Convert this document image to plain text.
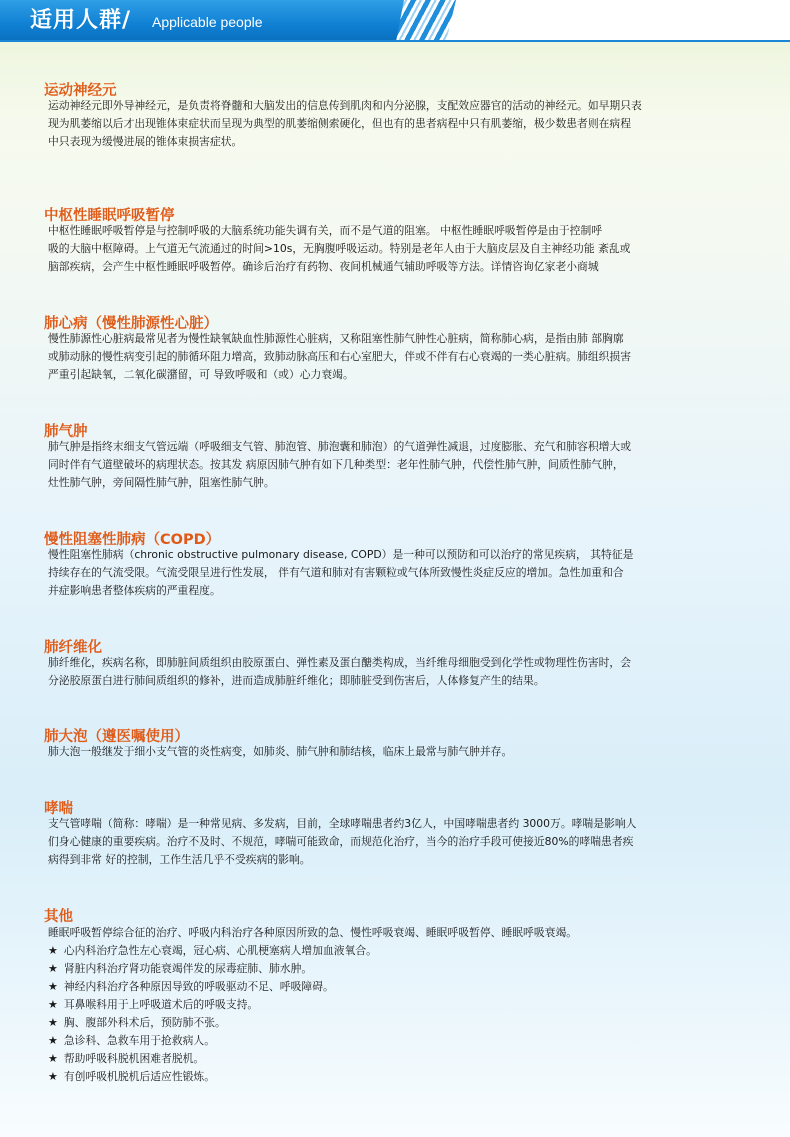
适用人群/ Applicable people
运动神经元

运动神经元即外导神经元，是负责将脊髓和大脑发出的信息传到肌肉和内分泌腺，支配效应器官的活动的神经元。如早期只表

现为肌萎缩以后才出现锥体束症状而呈现为典型的肌萎缩侧索硬化，但也有的患者病程中只有肌萎缩，极少数患者则在病程

中只表现为缓慢进展的锥体束损害症状。

中枢性睡眠呼吸暂停

中枢性睡眠呼吸暂停是与控制呼吸的大脑系统功能失调有关，而不是气道的阻塞。 中枢性睡眠呼吸暂停是由于控制呼

吸的大脑中枢障碍。上气道无气流通过的时间>10s，无胸腹呼吸运动。特别是老年人由于大脑皮层及自主神经功能 紊乱或

脑部疾病，会产生中枢性睡眠呼吸暂停。确诊后治疗有药物、夜间机械通气辅助呼吸等方法。详情咨询亿家老小商城

肺心病（慢性肺源性心脏）

慢性肺源性心脏病最常见者为慢性缺氧缺血性肺源性心脏病，又称阻塞性肺气肿性心脏病，简称肺心病，是指由肺 部胸廓

或肺动脉的慢性病变引起的肺循环阻力增高，致肺动脉高压和右心室肥大，伴或不伴有右心衰竭的一类心脏病。肺组织损害

严重引起缺氧，二氧化碳潴留，可 导致呼吸和（或）心力衰竭。

肺气肿

肺气肿是指终末细支气管远端（呼吸细支气管、肺泡管、肺泡囊和肺泡）的气道弹性减退，过度膨胀、充气和肺容积增大或

同时伴有气道壁破坏的病理状态。按其发 病原因肺气肿有如下几种类型：老年性肺气肿，代偿性肺气肿，间质性肺气肿，

灶性肺气肿，旁间隔性肺气肿，阻塞性肺气肿。

慢性阻塞性肺病（COPD）

慢性阻塞性肺病（chronic obstructive pulmonary disease, COPD）是一种可以预防和可以治疗的常见疾病， 其特征是

持续存在的气流受限。气流受限呈进行性发展， 伴有气道和肺对有害颗粒或气体所致慢性炎症反应的增加。急性加重和合

并症影响患者整体疾病的严重程度。

肺纤维化

肺纤维化，疾病名称，即肺脏间质组织由胶原蛋白、弹性素及蛋白醣类构成，当纤维母细胞受到化学性或物理性伤害时，会

分泌胶原蛋白进行肺间质组织的修补，进而造成肺脏纤维化；即肺脏受到伤害后，人体修复产生的结果。

肺大泡（遵医嘱使用）

肺大泡一般继发于细小支气管的炎性病变，如肺炎、肺气肿和肺结核，临床上最常与肺气肿并存。

哮喘

支气管哮喘（简称：哮喘）是一种常见病、多发病，目前，全球哮喘患者约3亿人，中国哮喘患者约 3000万。哮喘是影响人

们身心健康的重要疾病。治疗不及时、不规范，哮喘可能致命，而规范化治疗，当今的治疗手段可使接近80%的哮喘患者疾

病得到非常 好的控制，工作生活几乎不受疾病的影响。

其他

睡眠呼吸暂停综合征的治疗、呼吸内科治疗各种原因所致的急、慢性呼吸衰竭、睡眠呼吸暂停、睡眠呼吸衰竭。

★ 心内科治疗急性左心衰竭，冠心病、心肌梗塞病人增加血液氧合。
★ 肾脏内科治疗肾功能衰竭伴发的尿毒症肺、肺水肿。
★ 神经内科治疗各种原因导致的呼吸驱动不足、呼吸障碍。
★ 耳鼻喉科用于上呼吸道术后的呼吸支持。
★ 胸、腹部外科术后，预防肺不张。
★ 急诊科、急救车用于抢救病人。
★ 帮助呼吸科脱机困难者脱机。
★ 有创呼吸机脱机后适应性锻炼。
